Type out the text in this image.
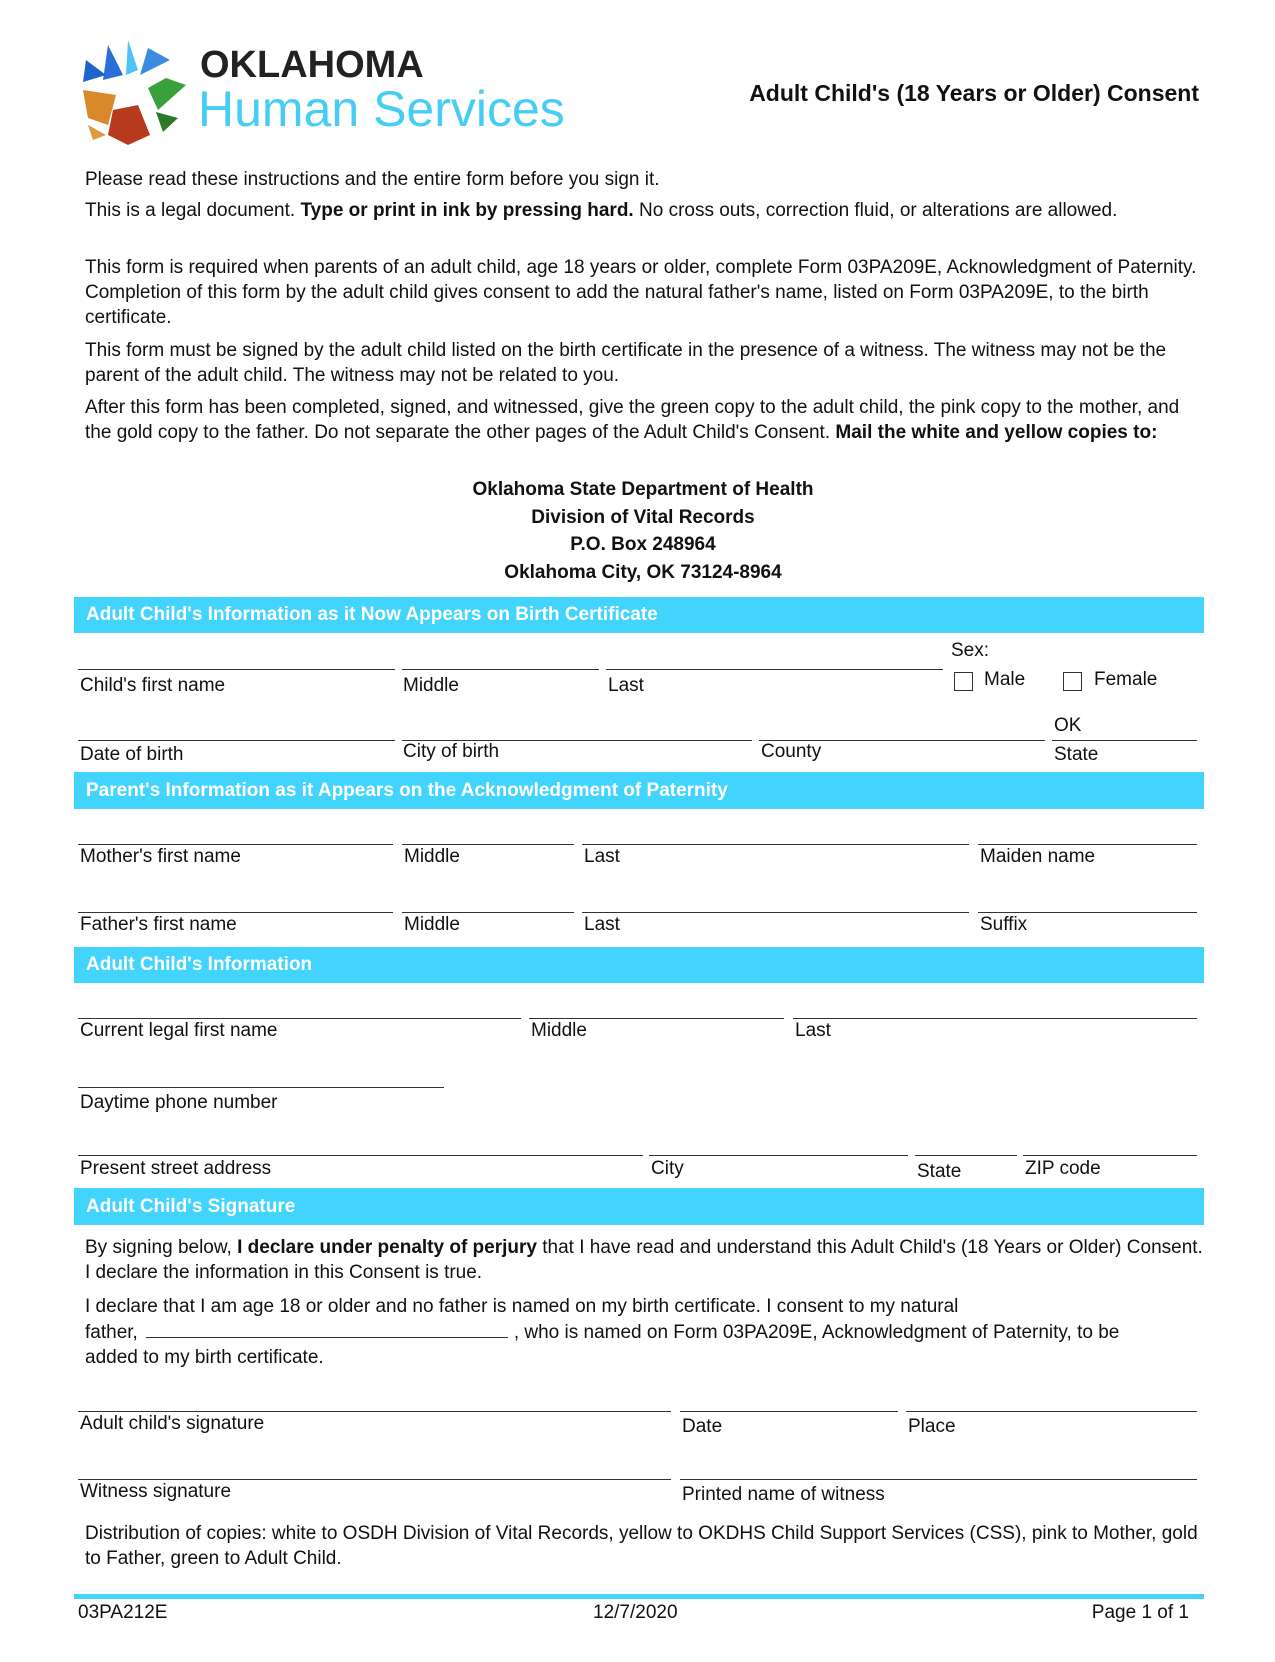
OKLAHOMA
Human Services	Adult Child's (18 Years or Older) Consent
Please read these instructions and the entire form before you sign it.
This is a legal document. Type or print in ink by pressing hard. No cross outs, correction fluid, or alterations are allowed.
This form is required when parents of an adult child, age 18 years or older, complete Form 03PA209E, Acknowledgment of Paternity. Completion of this form by the adult child gives consent to add the natural father's name, listed on Form 03PA209E, to the birth certificate.
This form must be signed by the adult child listed on the birth certificate in the presence of a witness. The witness may not be the parent of the adult child. The witness may not be related to you.
After this form has been completed, signed, and witnessed, give the green copy to the adult child, the pink copy to the mother, and the gold copy to the father. Do not separate the other pages of the Adult Child's Consent. Mail the white and yellow copies to:
Oklahoma State Department of Health
Division of Vital Records
P.O. Box 248964
Oklahoma City, OK 73124-8964
Adult Child's Information as it Now Appears on Birth Certificate
Child's first name	Middle	Last
Sex:
Male	Female
OK
Date of birth	City of birth	County	State
Parent's Information as it Appears on the Acknowledgment of Paternity
Mother's first name	Middle	Last	Maiden name
Father's first name	Middle	Last	Suffix
Adult Child's Information
Current legal first name	Middle	Last
Daytime phone number
Present street address	City	State	ZIP code
Adult Child's Signature
By signing below, I declare under penalty of perjury that I have read and understand this Adult Child's (18 Years or Older) Consent. I declare the information in this Consent is true.
I declare that I am age 18 or older and no father is named on my birth certificate. I consent to my natural
father,	, who is named on Form 03PA209E, Acknowledgment of Paternity, to be
added to my birth certificate.
Adult child's signature	Date	Place
Witness signature	Printed name of witness
Distribution of copies: white to OSDH Division of Vital Records, yellow to OKDHS Child Support Services (CSS), pink to Mother, gold to Father, green to Adult Child.
03PA212E	12/7/2020	Page 1 of 1
